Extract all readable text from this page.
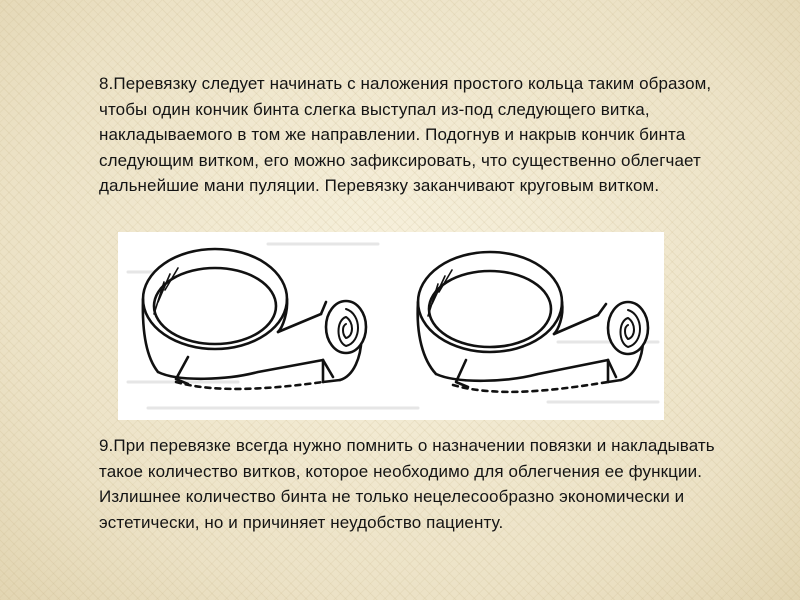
8.Перевязку следует начинать с наложения простого кольца таким образом, чтобы один кончик бинта слегка выступал из-под следующего витка, накладываемого в том же направлении. Подогнув и накрыв кончик бинта следующим витком, его можно зафиксировать, что существенно облегчает дальнейшие мани пуляции. Перевязку заканчивают круговым витком.

9.При перевязке всегда нужно помнить о назначении повязки и накладывать такое количество витков, которое необходимо для облегчения ее функции. Излишнее количество бинта не только нецелесообразно экономически и эстетически, но и причиняет неудобство пациенту.
